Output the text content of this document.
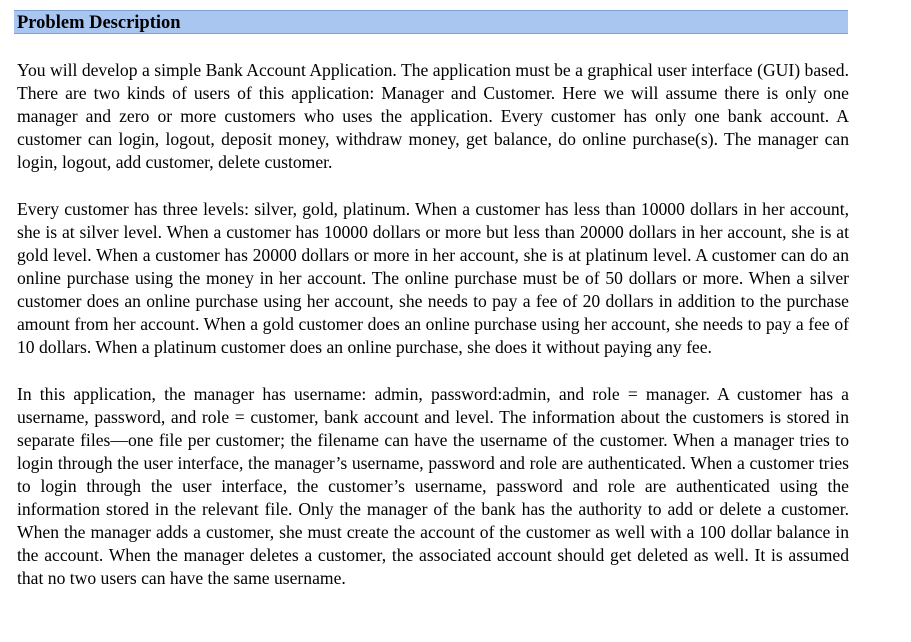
Problem Description

You will develop a simple Bank Account Application. The application must be a graphical user interface (GUI) based. There are two kinds of users of this application: Manager and Customer. Here we will assume there is only one manager and zero or more customers who uses the application. Every customer has only one bank account. A customer can login, logout, deposit money, withdraw money, get balance, do online purchase(s). The manager can login, logout, add customer, delete customer.

Every customer has three levels: silver, gold, platinum. When a customer has less than 10000 dollars in her account, she is at silver level. When a customer has 10000 dollars or more but less than 20000 dollars in her account, she is at gold level. When a customer has 20000 dollars or more in her account, she is at platinum level. A customer can do an online purchase using the money in her account. The online purchase must be of 50 dollars or more. When a silver customer does an online purchase using her account, she needs to pay a fee of 20 dollars in addition to the purchase amount from her account. When a gold customer does an online purchase using her account, she needs to pay a fee of 10 dollars. When a platinum customer does an online purchase, she does it without paying any fee.

In this application, the manager has username: admin, password:admin, and role = manager. A customer has a username, password, and role = customer, bank account and level. The information about the customers is stored in separate files—one file per customer; the filename can have the username of the customer. When a manager tries to login through the user interface, the manager’s username, password and role are authenticated. When a customer tries to login through the user interface, the customer’s username, password and role are authenticated using the information stored in the relevant file. Only the manager of the bank has the authority to add or delete a customer. When the manager adds a customer, she must create the account of the customer as well with a 100 dollar balance in the account. When the manager deletes a customer, the associated account should get deleted as well. It is assumed that no two users can have the same username.
